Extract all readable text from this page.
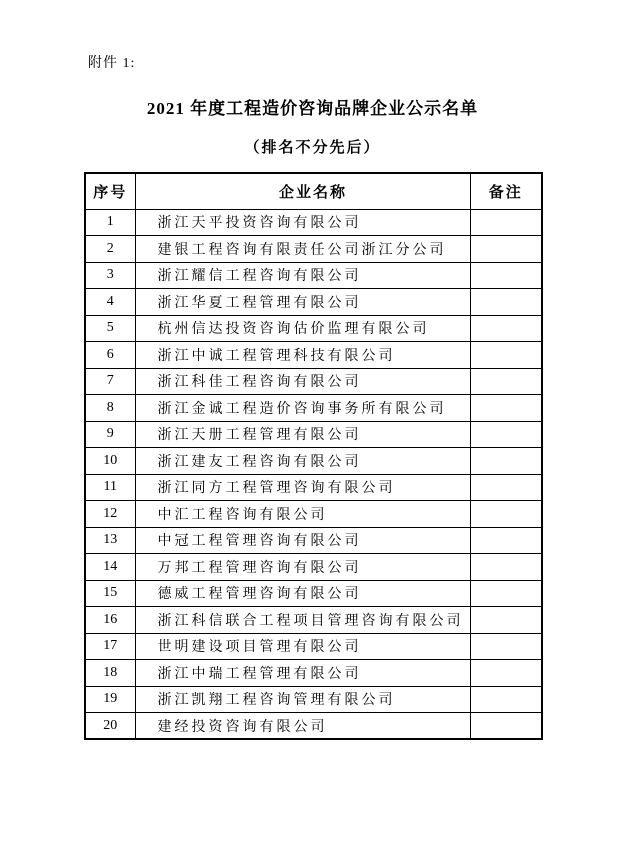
附件 1:
2021 年度工程造价咨询品牌企业公示名单
（排名不分先后）
序号	企业名称	备注
1	浙江天平投资咨询有限公司	
2	建银工程咨询有限责任公司浙江分公司	
3	浙江耀信工程咨询有限公司	
4	浙江华夏工程管理有限公司	
5	杭州信达投资咨询估价监理有限公司	
6	浙江中诚工程管理科技有限公司	
7	浙江科佳工程咨询有限公司	
8	浙江金诚工程造价咨询事务所有限公司	
9	浙江天册工程管理有限公司	
10	浙江建友工程咨询有限公司	
11	浙江同方工程管理咨询有限公司	
12	中汇工程咨询有限公司	
13	中冠工程管理咨询有限公司	
14	万邦工程管理咨询有限公司	
15	德威工程管理咨询有限公司	
16	浙江科信联合工程项目管理咨询有限公司	
17	世明建设项目管理有限公司	
18	浙江中瑞工程管理有限公司	
19	浙江凯翔工程咨询管理有限公司	
20	建经投资咨询有限公司	
